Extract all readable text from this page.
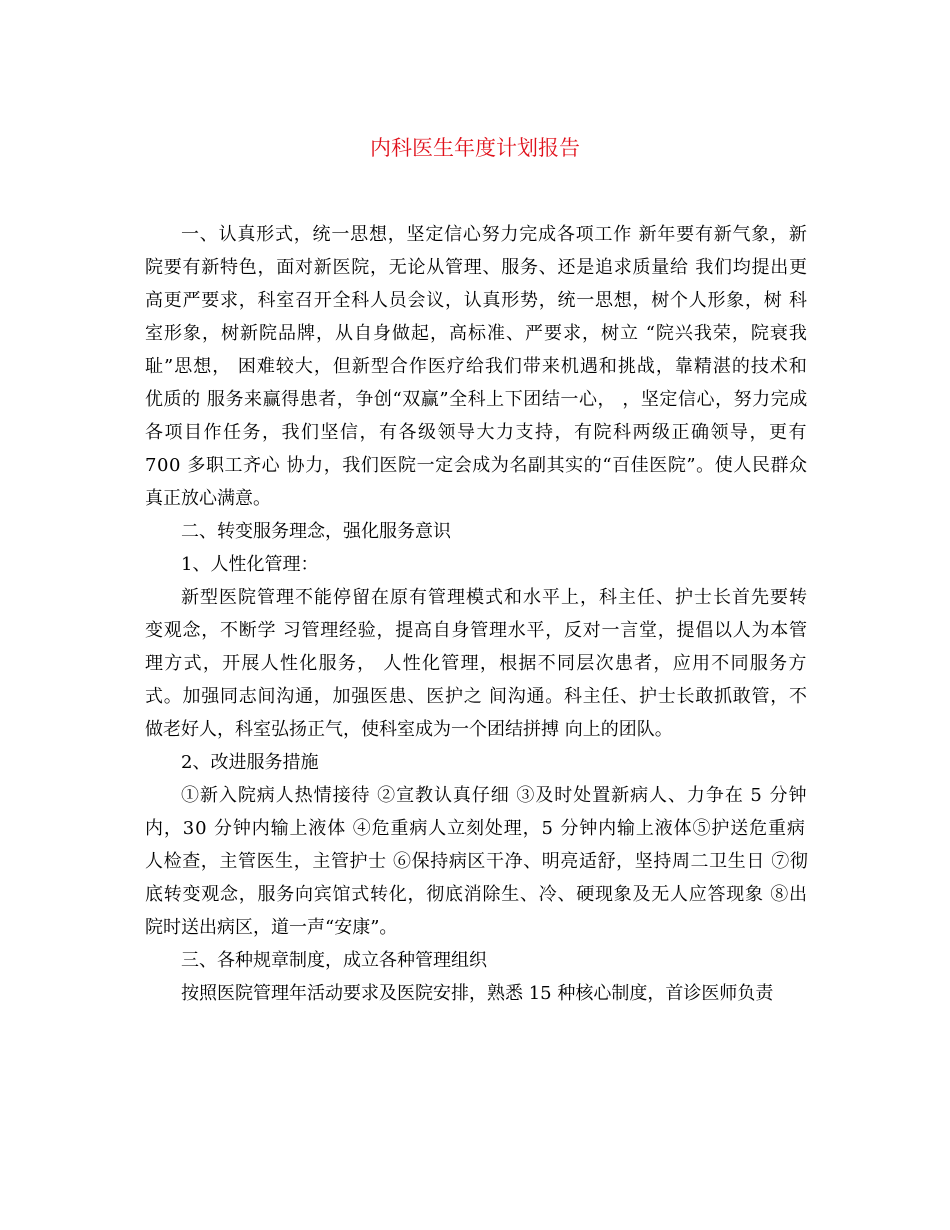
内科医生年度计划报告
一、认真形式，统一思想，坚定信心努力完成各项工作 新年要有新气象，新
院要有新特色，面对新医院，无论从管理、服务、还是追求质量给 我们均提出更
高更严要求，科室召开全科人员会议，认真形势，统一思想，树个人形象，树 科
室形象，树新院品牌，从自身做起，高标准、严要求，树立 “院兴我荣，院衰我
耻”思想， 困难较大，但新型合作医疗给我们带来机遇和挑战，靠精湛的技术和
优质的 服务来赢得患者，争创“双赢”全科上下团结一心， ，坚定信心，努力完成
各项目作任务，我们坚信，有各级领导大力支持，有院科两级正确领导，更有
700 多职工齐心 协力，我们医院一定会成为名副其实的“百佳医院”。使人民群众
真正放心满意。
二、转变服务理念，强化服务意识
1、人性化管理：
新型医院管理不能停留在原有管理模式和水平上，科主任、护士长首先要转
变观念，不断学 习管理经验，提高自身管理水平，反对一言堂，提倡以人为本管
理方式，开展人性化服务， 人性化管理，根据不同层次患者，应用不同服务方
式。加强同志间沟通，加强医患、医护之 间沟通。科主任、护士长敢抓敢管，不
做老好人，科室弘扬正气，使科室成为一个团结拼搏 向上的团队。
2、改进服务措施
①新入院病人热情接待 ②宣教认真仔细 ③及时处置新病人、力争在 5 分钟
内，30 分钟内输上液体 ④危重病人立刻处理，5 分钟内输上液体⑤护送危重病
人检查，主管医生，主管护士 ⑥保持病区干净、明亮适舒，坚持周二卫生日 ⑦彻
底转变观念，服务向宾馆式转化，彻底消除生、冷、硬现象及无人应答现象 ⑧出
院时送出病区，道一声“安康”。
三、各种规章制度，成立各种管理组织
按照医院管理年活动要求及医院安排，熟悉 15 种核心制度，首诊医师负责
